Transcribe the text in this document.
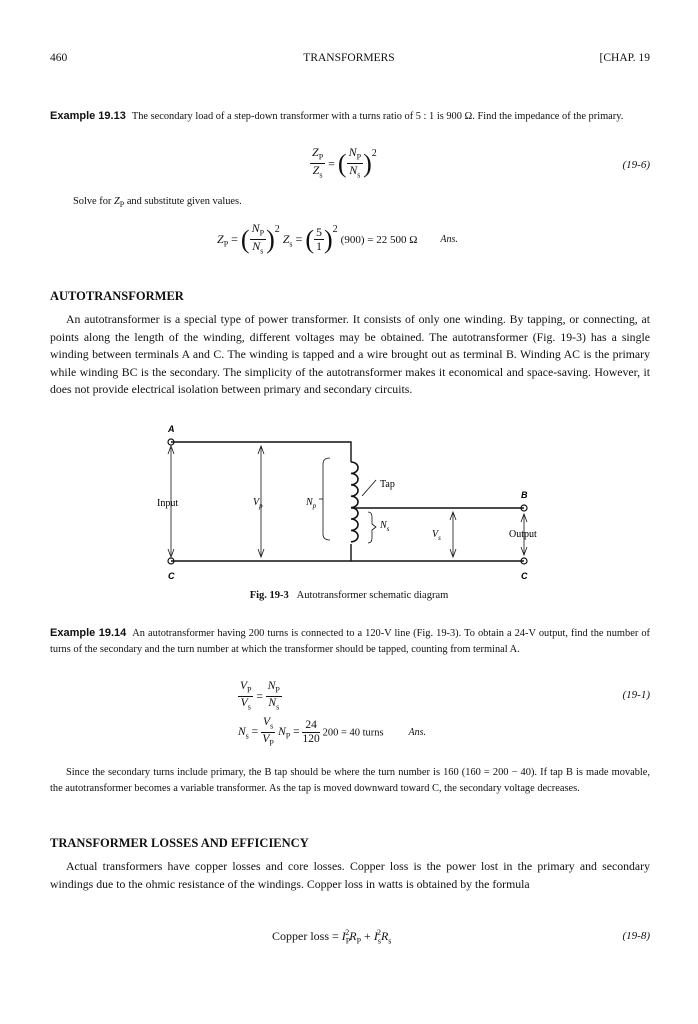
460	TRANSFORMERS	[CHAP. 19
Example 19.13 The secondary load of a step-down transformer with a turns ratio of 5 : 1 is 900 Ω. Find the impedance of the primary.
$\frac{Z_P}{Z_s}$ = ( $\frac{N_P}{N_s} )^2$
(19-6)
Solve for $Z_P$ and substitute given values.
$Z_P$ = ( $\frac{N_P}{N_s} )^2$ $Z_s$ = ( $\frac{5}{1} )^2$ (900) = 22 500 Ω Ans.
AUTOTRANSFORMER
An autotransformer is a special type of power transformer. It consists of only one winding. By tapping, or connecting, at points along the length of the winding, different voltages may be obtained. The autotransformer (Fig. 19-3) has a single winding between terminals A and C. The winding is tapped and a wire brought out as terminal B. Winding AC is the primary while winding BC is the secondary. The simplicity of the autotransformer makes it economical and space-saving. However, it does not provide electrical isolation between primary and secondary circuits.
A
C
B
C
Input
Output
Tap
$V_p$	$N_p$
$N_s$	$V_s$
Fig. 19-3 Autotransformer schematic diagram
Example 19.14 An autotransformer having 200 turns is connected to a 120-V line (Fig. 19-3). To obtain a 24-V output, find the number of turns of the secondary and the turn number at which the transformer should be tapped, counting from terminal A.
$\frac{V_P}{V_s} = \frac{N_P}{N_s}$	(19-1)
$N_s = \frac{V_s}{V_P} N_P = \frac{24}{120} 200 = 40$ turns Ans.
Since the secondary turns include primary, the B tap should be where the turn number is 160 (160 = 200 − 40). If tap B is made movable, the autotransformer becomes a variable transformer. As the tap is moved downward toward C, the secondary voltage decreases.
TRANSFORMER LOSSES AND EFFICIENCY
Actual transformers have copper losses and core losses. Copper loss is the power lost in the primary and secondary windings due to the ohmic resistance of the windings. Copper loss in watts is obtained by the formula
Copper loss = $I_P^2R_P + I_s^2R_s$	(19-8)
